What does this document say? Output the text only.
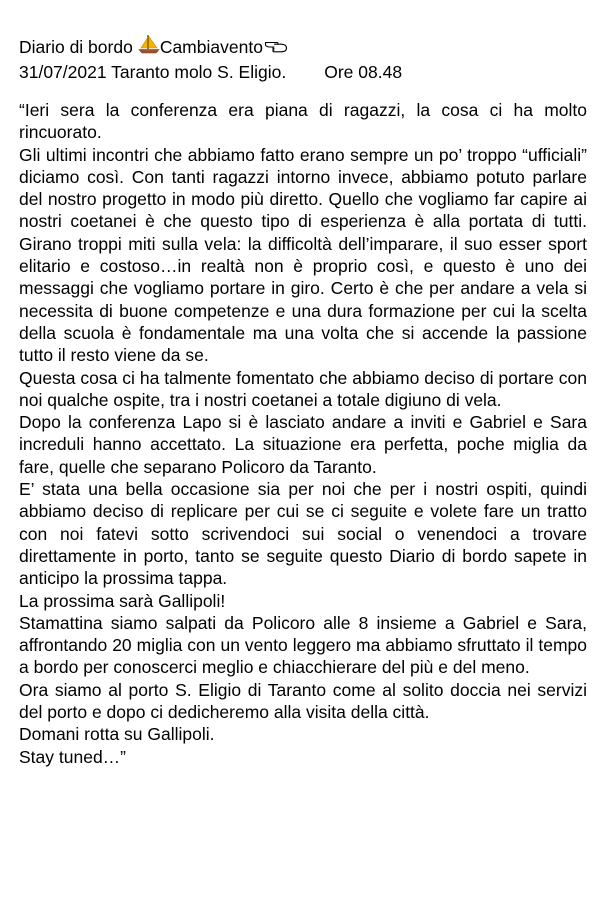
Diario di bordo Cambiavento
31/07/2021 Taranto molo S. Eligio. Ore 08.48

“Ieri sera la conferenza era piana di ragazzi, la cosa ci ha molto rincuorato.

Gli ultimi incontri che abbiamo fatto erano sempre un po’ troppo “ufficiali” diciamo così. Con tanti ragazzi intorno invece, abbiamo potuto parlare del nostro progetto in modo più diretto. Quello che vogliamo far capire ai nostri coetanei è che questo tipo di esperienza è alla portata di tutti. Girano troppi miti sulla vela: la difficoltà dell’imparare, il suo esser sport elitario e costoso…in realtà non è proprio così, e questo è uno dei messaggi che vogliamo portare in giro. Certo è che per andare a vela si necessita di buone competenze e una dura formazione per cui la scelta della scuola è fondamentale ma una volta che si accende la passione tutto il resto viene da se.

Questa cosa ci ha talmente fomentato che abbiamo deciso di portare con noi qualche ospite, tra i nostri coetanei a totale digiuno di vela.

Dopo la conferenza Lapo si è lasciato andare a inviti e Gabriel e Sara increduli hanno accettato. La situazione era perfetta, poche miglia da fare, quelle che separano Policoro da Taranto.

E’ stata una bella occasione sia per noi che per i nostri ospiti, quindi abbiamo deciso di replicare per cui se ci seguite e volete fare un tratto con noi fatevi sotto scrivendoci sui social o venendoci a trovare direttamente in porto, tanto se seguite questo Diario di bordo sapete in anticipo la prossima tappa.

La prossima sarà Gallipoli!

Stamattina siamo salpati da Policoro alle 8 insieme a Gabriel e Sara, affrontando 20 miglia con un vento leggero ma abbiamo sfruttato il tempo a bordo per conoscerci meglio e chiacchierare del più e del meno.

Ora siamo al porto S. Eligio di Taranto come al solito doccia nei servizi del porto e dopo ci dedicheremo alla visita della città.

Domani rotta su Gallipoli.

Stay tuned…”
